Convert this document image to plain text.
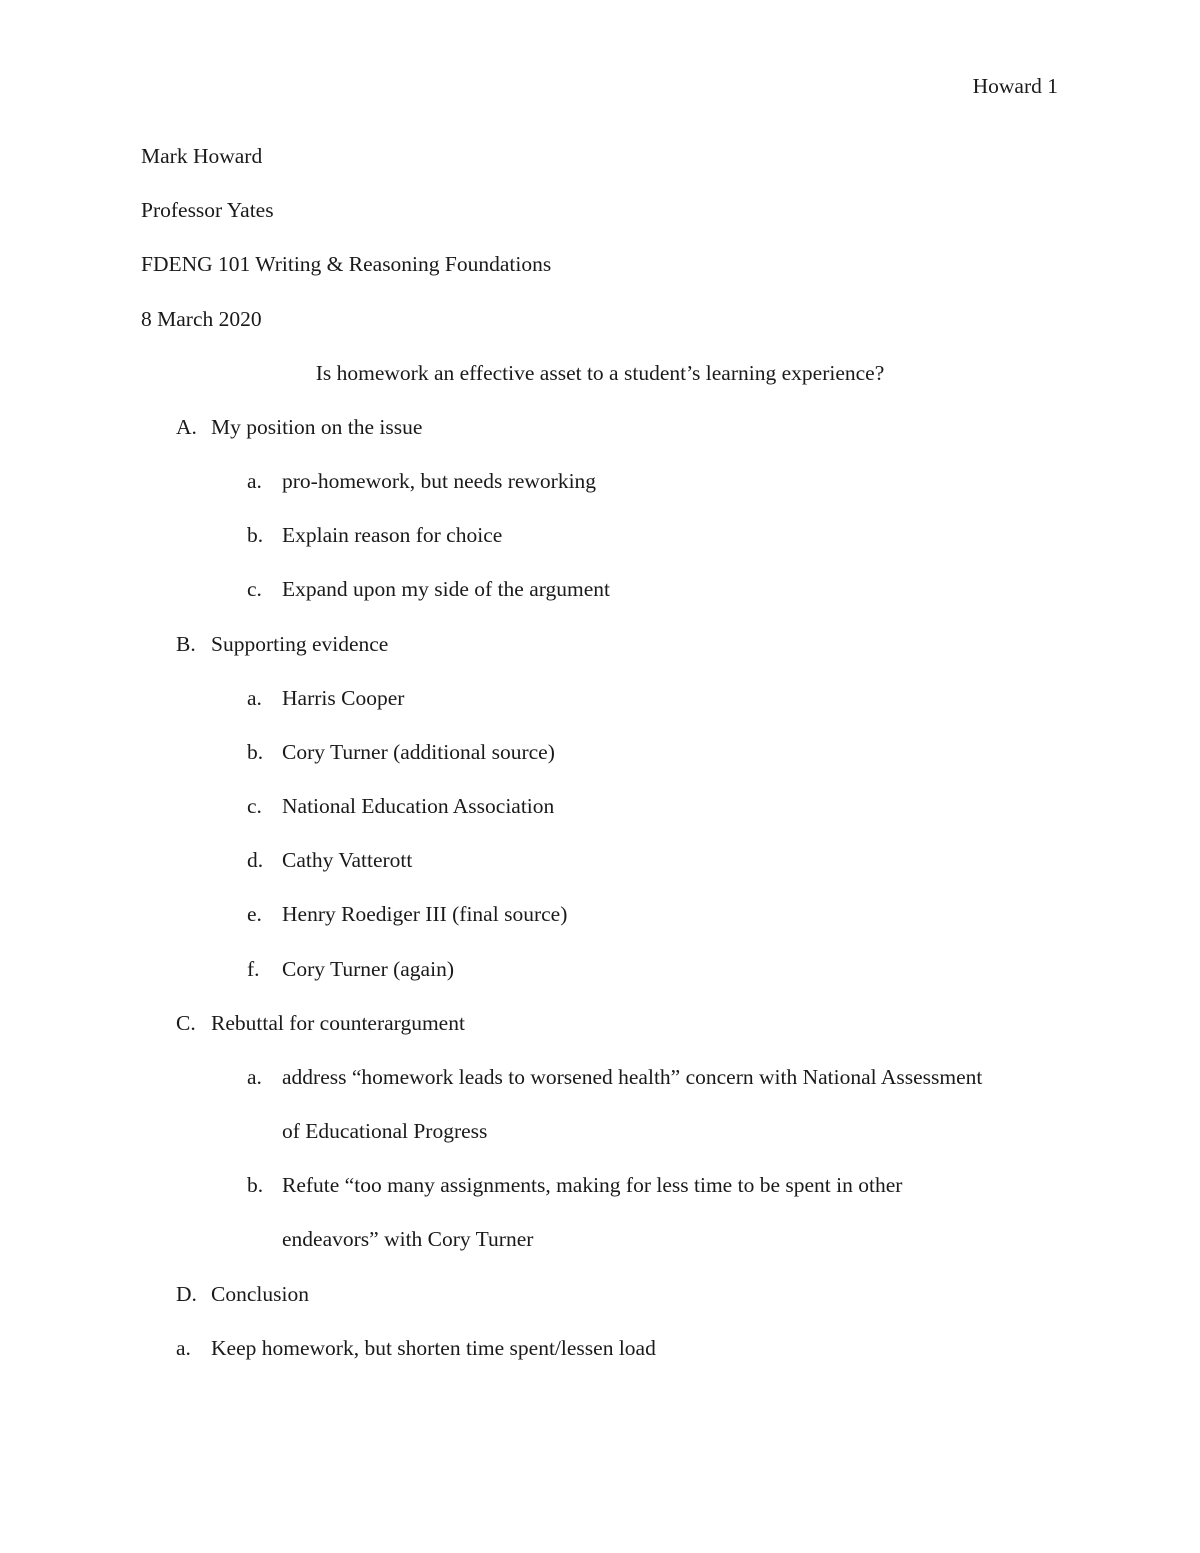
Howard 1
Mark Howard
Professor Yates
FDENG 101 Writing & Reasoning Foundations
8 March 2020
Is homework an effective asset to a student’s learning experience?
A. My position on the issue
a. pro-homework, but needs reworking
b. Explain reason for choice
c. Expand upon my side of the argument
B. Supporting evidence
a. Harris Cooper
b. Cory Turner (additional source)
c. National Education Association
d. Cathy Vatterott
e. Henry Roediger III (final source)
f. Cory Turner (again)
C. Rebuttal for counterargument
a. address “homework leads to worsened health” concern with National Assessment
of Educational Progress
b. Refute “too many assignments, making for less time to be spent in other
endeavors” with Cory Turner
D. Conclusion
a. Keep homework, but shorten time spent/lessen load
